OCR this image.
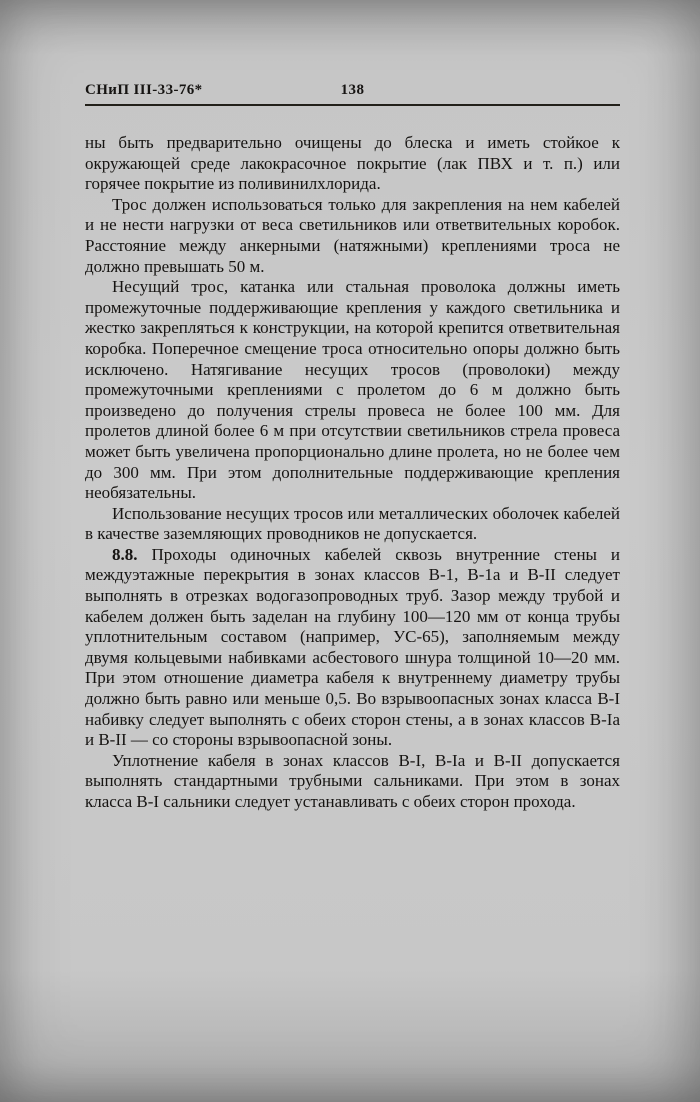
СНиП III-33-76*	138

ны быть предварительно очищены до блеска и иметь стойкое к окружающей среде лакокрасочное покрытие (лак ПВХ и т. п.) или горячее покрытие из поливинилхлорида.

Трос должен использоваться только для закрепления на нем кабелей и не нести нагрузки от веса светильников или ответвительных коробок. Расстояние между анкерными (натяжными) креплениями троса не должно превышать 50 м.

Несущий трос, катанка или стальная проволока должны иметь промежуточные поддерживающие крепления у каждого светильника и жестко закрепляться к конструкции, на которой крепится ответвительная коробка. Поперечное смещение троса относительно опоры должно быть исключено. Натягивание несущих тросов (проволоки) между промежуточными креплениями с пролетом до 6 м должно быть произведено до получения стрелы провеса не более 100 мм. Для пролетов длиной более 6 м при отсутствии светильников стрела провеса может быть увеличена пропорционально длине пролета, но не более чем до 300 мм. При этом дополнительные поддерживающие крепления необязательны.

Использование несущих тросов или металлических оболочек кабелей в качестве заземляющих проводников не допускается.

8.8. Проходы одиночных кабелей сквозь внутренние стены и междуэтажные перекрытия в зонах классов В-1, В-1а и В-II следует выполнять в отрезках водогазопроводных труб. Зазор между трубой и кабелем должен быть заделан на глубину 100—120 мм от конца трубы уплотнительным составом (например, УС-65), заполняемым между двумя кольцевыми набивками асбестового шнура толщиной 10—20 мм. При этом отношение диаметра кабеля к внутреннему диаметру трубы должно быть равно или меньше 0,5. Во взрывоопасных зонах класса В-I набивку следует выполнять с обеих сторон стены, а в зонах классов В-Iа и В-II — со стороны взрывоопасной зоны.

Уплотнение кабеля в зонах классов В-I, В-Iа и В-II допускается выполнять стандартными трубными сальниками. При этом в зонах класса В-I сальники следует устанавливать с обеих сторон прохода.
